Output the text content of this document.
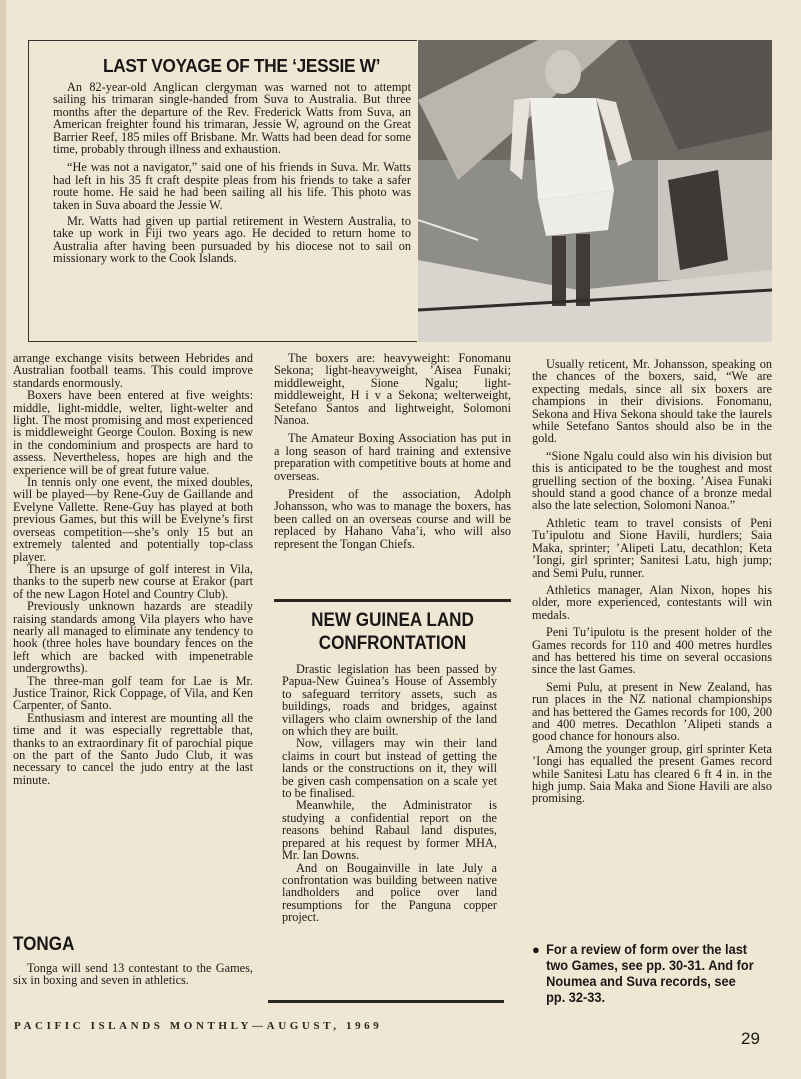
LAST VOYAGE OF THE ‘JESSIE W’

An 82-year-old Anglican clergyman was warned not to attempt sailing his trimaran single-handed from Suva to Australia. But three months after the departure of the Rev. Frederick Watts from Suva, an American freighter found his trimaran, Jessie W, aground on the Great Barrier Reef, 185 miles off Brisbane. Mr. Watts had been dead for some time, probably through illness and exhaustion.

“He was not a navigator,” said one of his friends in Suva. Mr. Watts had left in his 35 ft craft despite pleas from his friends to take a safer route home. He said he had been sailing all his life. This photo was taken in Suva aboard the Jessie W.

Mr. Watts had given up partial retirement in Western Australia, to take up work in Fiji two years ago. He decided to return home to Australia after having been pursuaded by his diocese not to sail on missionary work to the Cook Islands.

arrange exchange visits between Hebrides and Australian football teams. This could improve standards enormously.

Boxers have been entered at five weights: middle, light-middle, welter, light-welter and light. The most promising and most experienced is middleweight George Coulon. Boxing is new in the condominium and prospects are hard to assess. Nevertheless, hopes are high and the experience will be of great future value.

In tennis only one event, the mixed doubles, will be played—by Rene-Guy de Gaillande and Evelyne Vallette. Rene-Guy has played at both previous Games, but this will be Evelyne’s first overseas competition—she’s only 15 but an extremely talented and potentially top-class player.

There is an upsurge of golf interest in Vila, thanks to the superb new course at Erakor (part of the new Lagon Hotel and Country Club).

Previously unknown hazards are steadily raising standards among Vila players who have nearly all managed to eliminate any tendency to hook (three holes have boundary fences on the left which are backed with impenetrable undergrowths).

The three-man golf team for Lae is Mr. Justice Trainor, Rick Coppage, of Vila, and Ken Carpenter, of Santo.

Enthusiasm and interest are mounting all the time and it was especially regrettable that, thanks to an extraordinary fit of parochial pique on the part of the Santo Judo Club, it was necessary to cancel the judo entry at the last minute.

TONGA

Tonga will send 13 contestant to the Games, six in boxing and seven in athletics.

The boxers are: heavyweight: Fonomanu Sekona; light-heavyweight, ’Aisea Funaki; middleweight, Sione Ngalu; light-middleweight, H i v a Sekona; welterweight, Setefano Santos and lightweight, Solomoni Nanoa.

The Amateur Boxing Association has put in a long season of hard training and extensive preparation with competitive bouts at home and overseas.

President of the association, Adolph Johansson, who was to manage the boxers, has been called on an overseas course and will be replaced by Hahano Vaha’i, who will also represent the Tongan Chiefs.

NEW GUINEA LAND
CONFRONTATION

Drastic legislation has been passed by Papua-New Guinea’s House of Assembly to safeguard territory assets, such as buildings, roads and bridges, against villagers who claim ownership of the land on which they are built.

Now, villagers may win their land claims in court but instead of getting the lands or the constructions on it, they will be given cash compensation on a scale yet to be finalised.

Meanwhile, the Administrator is studying a confidential report on the reasons behind Rabaul land disputes, prepared at his request by former MHA, Mr. Ian Downs.

And on Bougainville in late July a confrontation was building between native landholders and police over land resumptions for the Panguna copper project.

Usually reticent, Mr. Johansson, speaking on the chances of the boxers, said, “We are expecting medals, since all six boxers are champions in their divisions. Fonomanu, Sekona and Hiva Sekona should take the laurels while Setefano Santos should also be in the gold.

“Sione Ngalu could also win his division but this is anticipated to be the toughest and most gruelling section of the boxing. ’Aisea Funaki should stand a good chance of a bronze medal also the late selection, Solomoni Nanoa.”

Athletic team to travel consists of Peni Tu’ipulotu and Sione Havili, hurdlers; Saia Maka, sprinter; ’Alipeti Latu, decathlon; Keta ’Iongi, girl sprinter; Sanitesi Latu, high jump; and Semi Pulu, runner.

Athletics manager, Alan Nixon, hopes his older, more experienced, contestants will win medals.

Peni Tu’ipulotu is the present holder of the Games records for 110 and 400 metres hurdles and has bettered his time on several occasions since the last Games.

Semi Pulu, at present in New Zealand, has run places in the NZ national championships and has bettered the Games records for 100, 200 and 400 metres. Decathlon ’Alipeti stands a good chance for honours also.

Among the younger group, girl sprinter Keta ’Iongi has equalled the present Games record while Sanitesi Latu has cleared 6 ft 4 in. in the high jump. Saia Maka and Sione Havili are also promising.

● For a review of form over the last two Games, see pp. 30-31. And for Noumea and Suva records, see pp. 32-33.
PACIFIC ISLANDS MONTHLY—AUGUST, 1969
29
